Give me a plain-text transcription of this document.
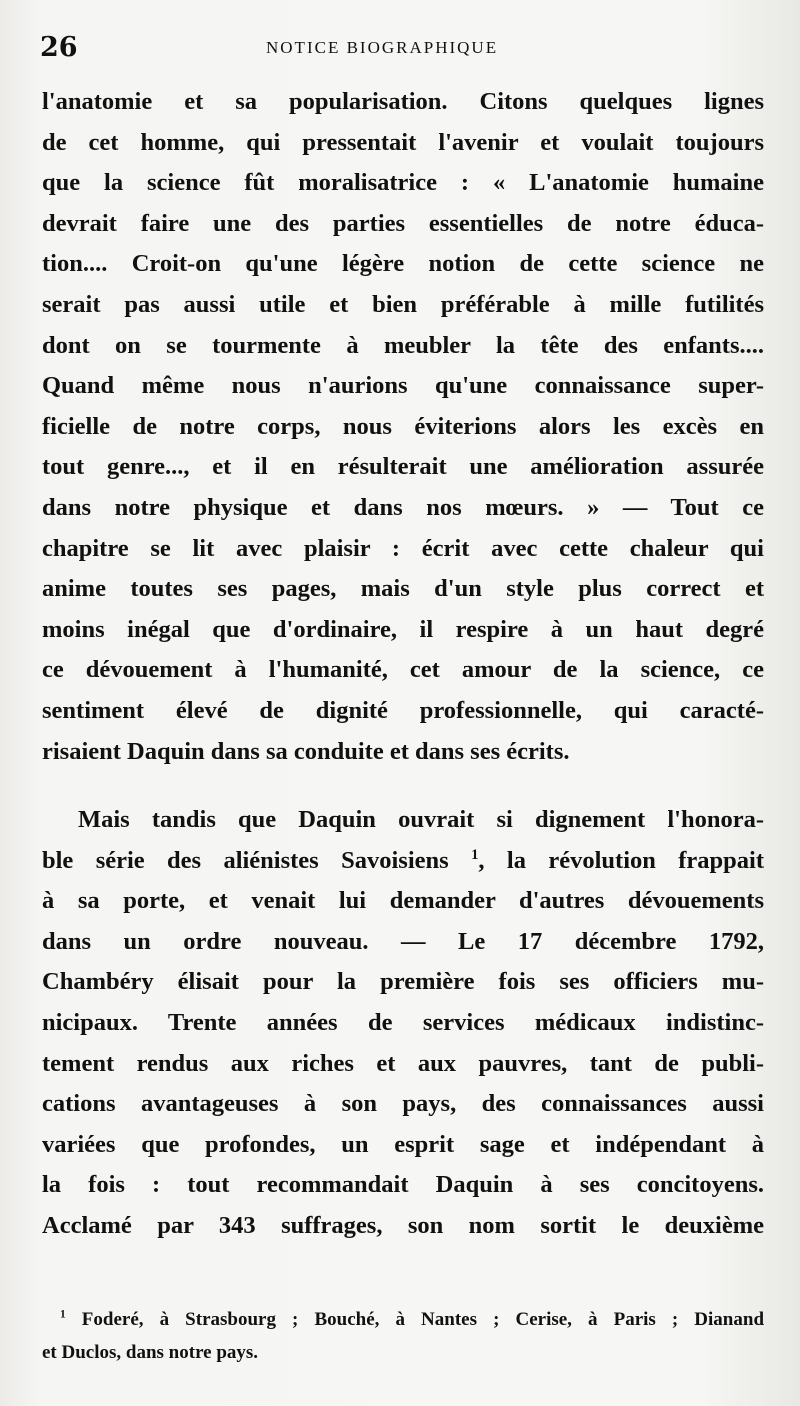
26	NOTICE BIOGRAPHIQUE
l'anatomie et sa popularisation. Citons quelques lignes
de cet homme, qui pressentait l'avenir et voulait toujours
que la science fût moralisatrice : « L'anatomie humaine
devrait faire une des parties essentielles de notre éduca-
tion.... Croit-on qu'une légère notion de cette science ne
serait pas aussi utile et bien préférable à mille futilités
dont on se tourmente à meubler la tête des enfants....
Quand même nous n'aurions qu'une connaissance super-
ficielle de notre corps, nous éviterions alors les excès en
tout genre..., et il en résulterait une amélioration assurée
dans notre physique et dans nos mœurs. » — Tout ce
chapitre se lit avec plaisir : écrit avec cette chaleur qui
anime toutes ses pages, mais d'un style plus correct et
moins inégal que d'ordinaire, il respire à un haut degré
ce dévouement à l'humanité, cet amour de la science, ce
sentiment élevé de dignité professionnelle, qui caracté-
risaient Daquin dans sa conduite et dans ses écrits.
Mais tandis que Daquin ouvrait si dignement l'honora-
ble série des aliénistes Savoisiens $^1$, la révolution frappait
à sa porte, et venait lui demander d'autres dévouements
dans un ordre nouveau. — Le 17 décembre 1792,
Chambéry élisait pour la première fois ses officiers mu-
nicipaux. Trente années de services médicaux indistinc-
tement rendus aux riches et aux pauvres, tant de publi-
cations avantageuses à son pays, des connaissances aussi
variées que profondes, un esprit sage et indépendant à
la fois : tout recommandait Daquin à ses concitoyens.
Acclamé par 343 suffrages, son nom sortit le deuxième
$^1$ Foderé, à Strasbourg ; Bouché, à Nantes ; Cerise, à Paris ; Dianand
et Duclos, dans notre pays.
